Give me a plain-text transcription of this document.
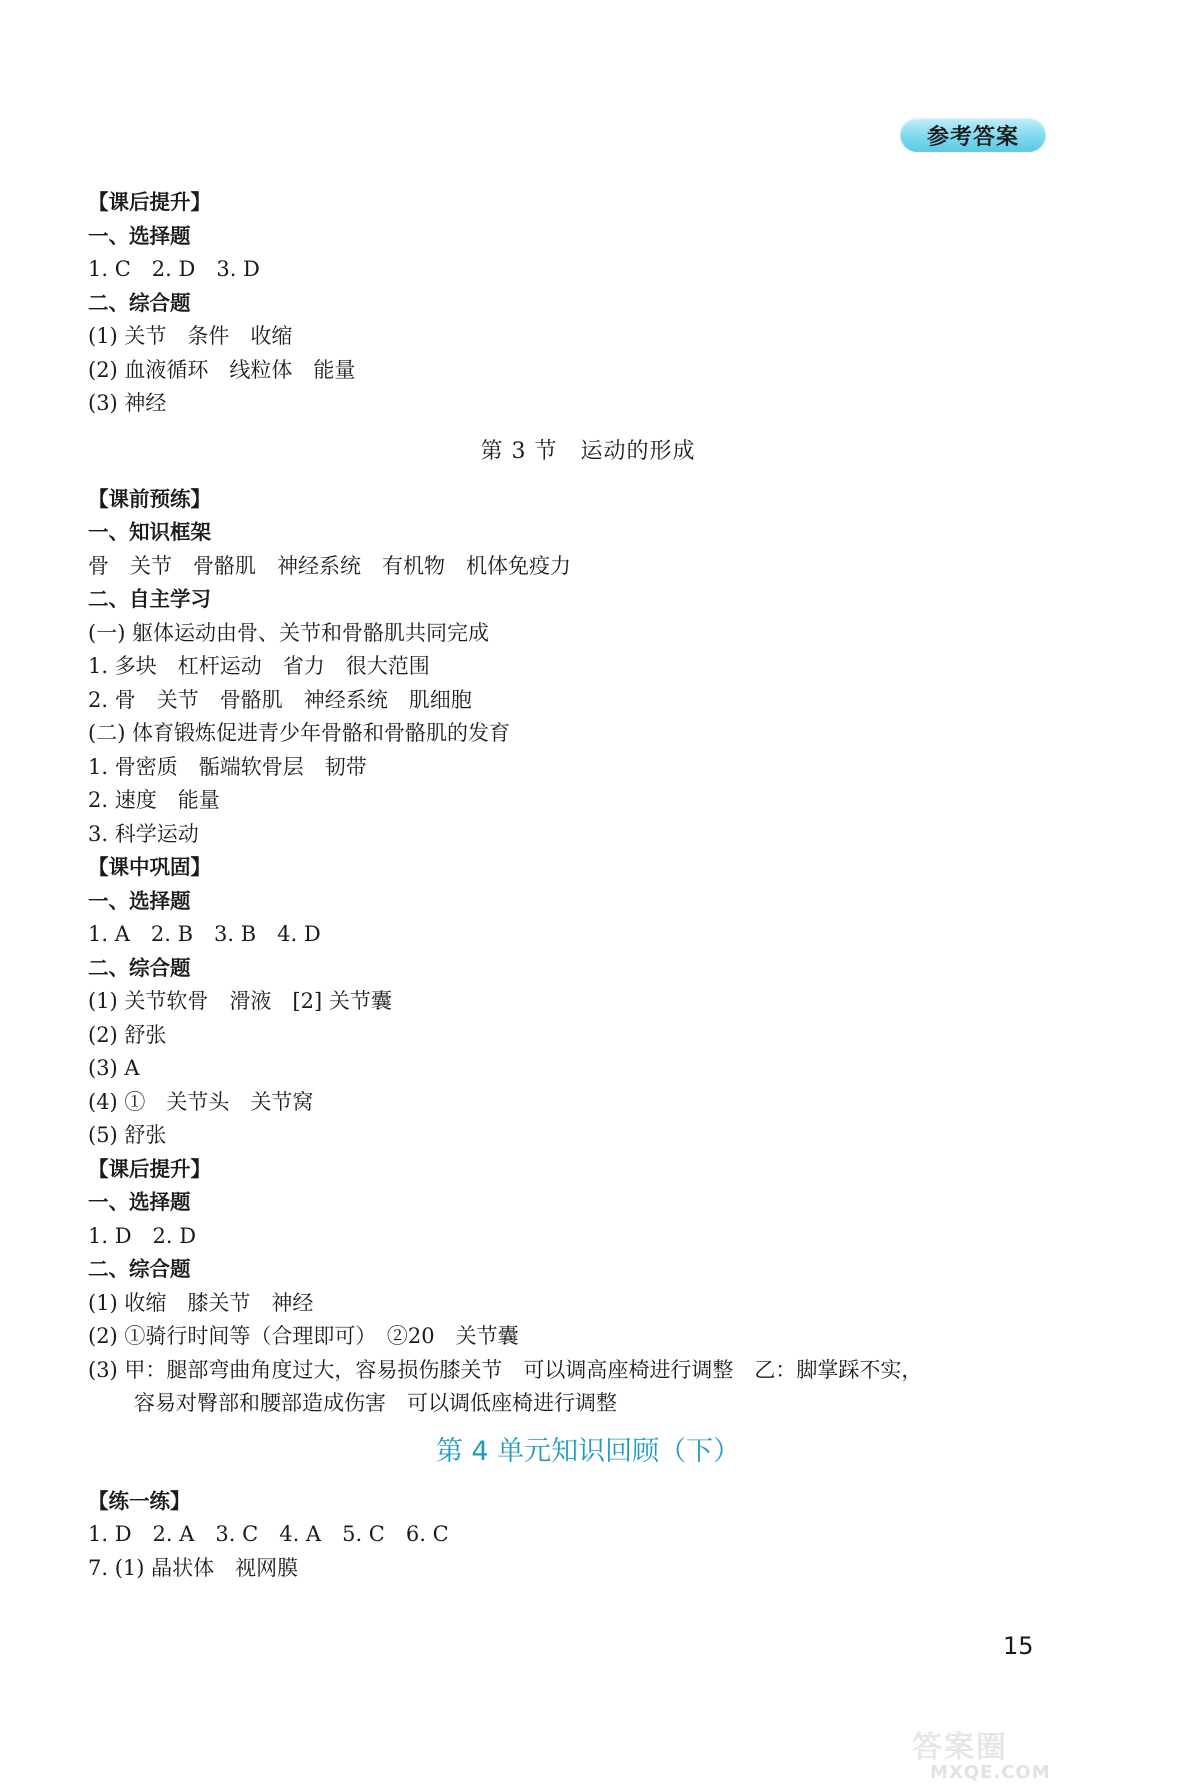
参考答案
【课后提升】
一、选择题
1. C　2. D　3. D
二、综合题
(1) 关节　条件　收缩
(2) 血液循环　线粒体　能量
(3) 神经
第 3 节　运动的形成
【课前预练】
一、知识框架
骨　关节　骨骼肌　神经系统　有机物　机体免疫力
二、自主学习
(一) 躯体运动由骨、关节和骨骼肌共同完成
1. 多块　杠杆运动　省力　很大范围
2. 骨　关节　骨骼肌　神经系统　肌细胞
(二) 体育锻炼促进青少年骨骼和骨骼肌的发育
1. 骨密质　骺端软骨层　韧带
2. 速度　能量
3. 科学运动
【课中巩固】
一、选择题
1. A　2. B　3. B　4. D
二、综合题
(1) 关节软骨　滑液　[2] 关节囊
(2) 舒张
(3) A
(4) ①　关节头　关节窝
(5) 舒张
【课后提升】
一、选择题
1. D　2. D
二、综合题
(1) 收缩　膝关节　神经
(2) ①骑行时间等（合理即可）　②20　关节囊
(3) 甲：腿部弯曲角度过大，容易损伤膝关节　可以调高座椅进行调整　乙：脚掌踩不实，
容易对臀部和腰部造成伤害　可以调低座椅进行调整
第 4 单元知识回顾（下）
【练一练】
1. D　2. A　3. C　4. A　5. C　6. C
7. (1) 晶状体　视网膜
15
答案圈
MXQE.COM
